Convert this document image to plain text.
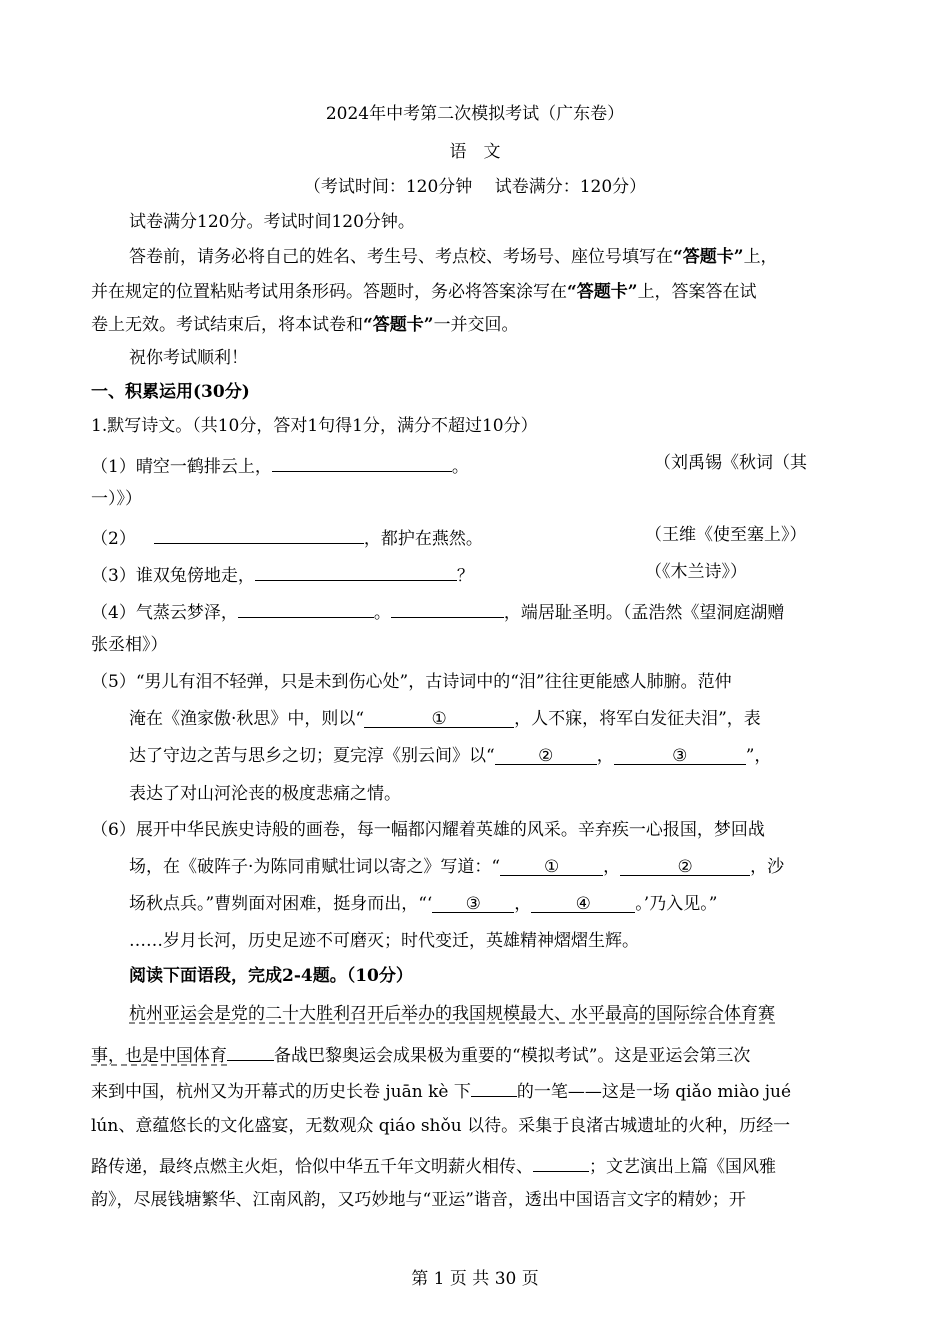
2024年中考第二次模拟考试（广东卷）
语　文
（考试时间：120分钟　 试卷满分：120分）
试卷满分120分。考试时间120分钟。
答卷前，请务必将自己的姓名、考生号、考点校、考场号、座位号填写在“答题卡”上，
并在规定的位置粘贴考试用条形码。答题时，务必将答案涂写在“答题卡”上，答案答在试
卷上无效。考试结束后，将本试卷和“答题卡”一并交回。
祝你考试顺利！
一、积累运用(30分)
1.默写诗文。（共10分，答对1句得1分，满分不超过10分）
（1）晴空一鹤排云上，	。	（刘禹锡《秋词（其
一）》）
（2）	，都护在燕然。	（王维《使至塞上》）
（3）谁双兔傍地走，	？	（《木兰诗》）
（4）气蒸云梦泽，	。	，端居耻圣明。（孟浩然《望洞庭湖赠
张丞相》）
（5）“男儿有泪不轻弹，只是未到伤心处”，古诗词中的“泪”往往更能感人肺腑。范仲
淹在《渔家傲·秋思》中，则以“	①	，人不寐，将军白发征夫泪”，表
达了守边之苦与思乡之切；夏完淳《别云间》以“	②	，	③	”，
表达了对山河沦丧的极度悲痛之情。
（6）展开中华民族史诗般的画卷，每一幅都闪耀着英雄的风采。辛弃疾一心报国，梦回战
场，在《破阵子·为陈同甫赋壮词以寄之》写道：“	①	，	②	，沙
场秋点兵。”曹刿面对困难，挺身而出，“‘ ③ ，	④	。’乃入见。”
……岁月长河，历史足迹不可磨灭；时代变迁，英雄精神熠熠生辉。
阅读下面语段，完成2-4题。（10分）
杭州亚运会是党的二十大胜利召开后举办的我国规模最大、水平最高的国际综合体育赛
事，也是中国体育	备战巴黎奥运会成果极为重要的“模拟考试”。这是亚运会第三次
来到中国，杭州又为开幕式的历史长卷 juān kè 下	的一笔——这是一场 qiǎo miào jué
lún、意蕴悠长的文化盛宴，无数观众 qiáo shǒu 以待。采集于良渚古城遗址的火种，历经一
路传递，最终点燃主火炬，恰似中华五千年文明薪火相传、	；文艺演出上篇《国风雅
韵》，尽展钱塘繁华、江南风韵，又巧妙地与“亚运”谐音，透出中国语言文字的精妙；开
第 1 页 共 30 页
